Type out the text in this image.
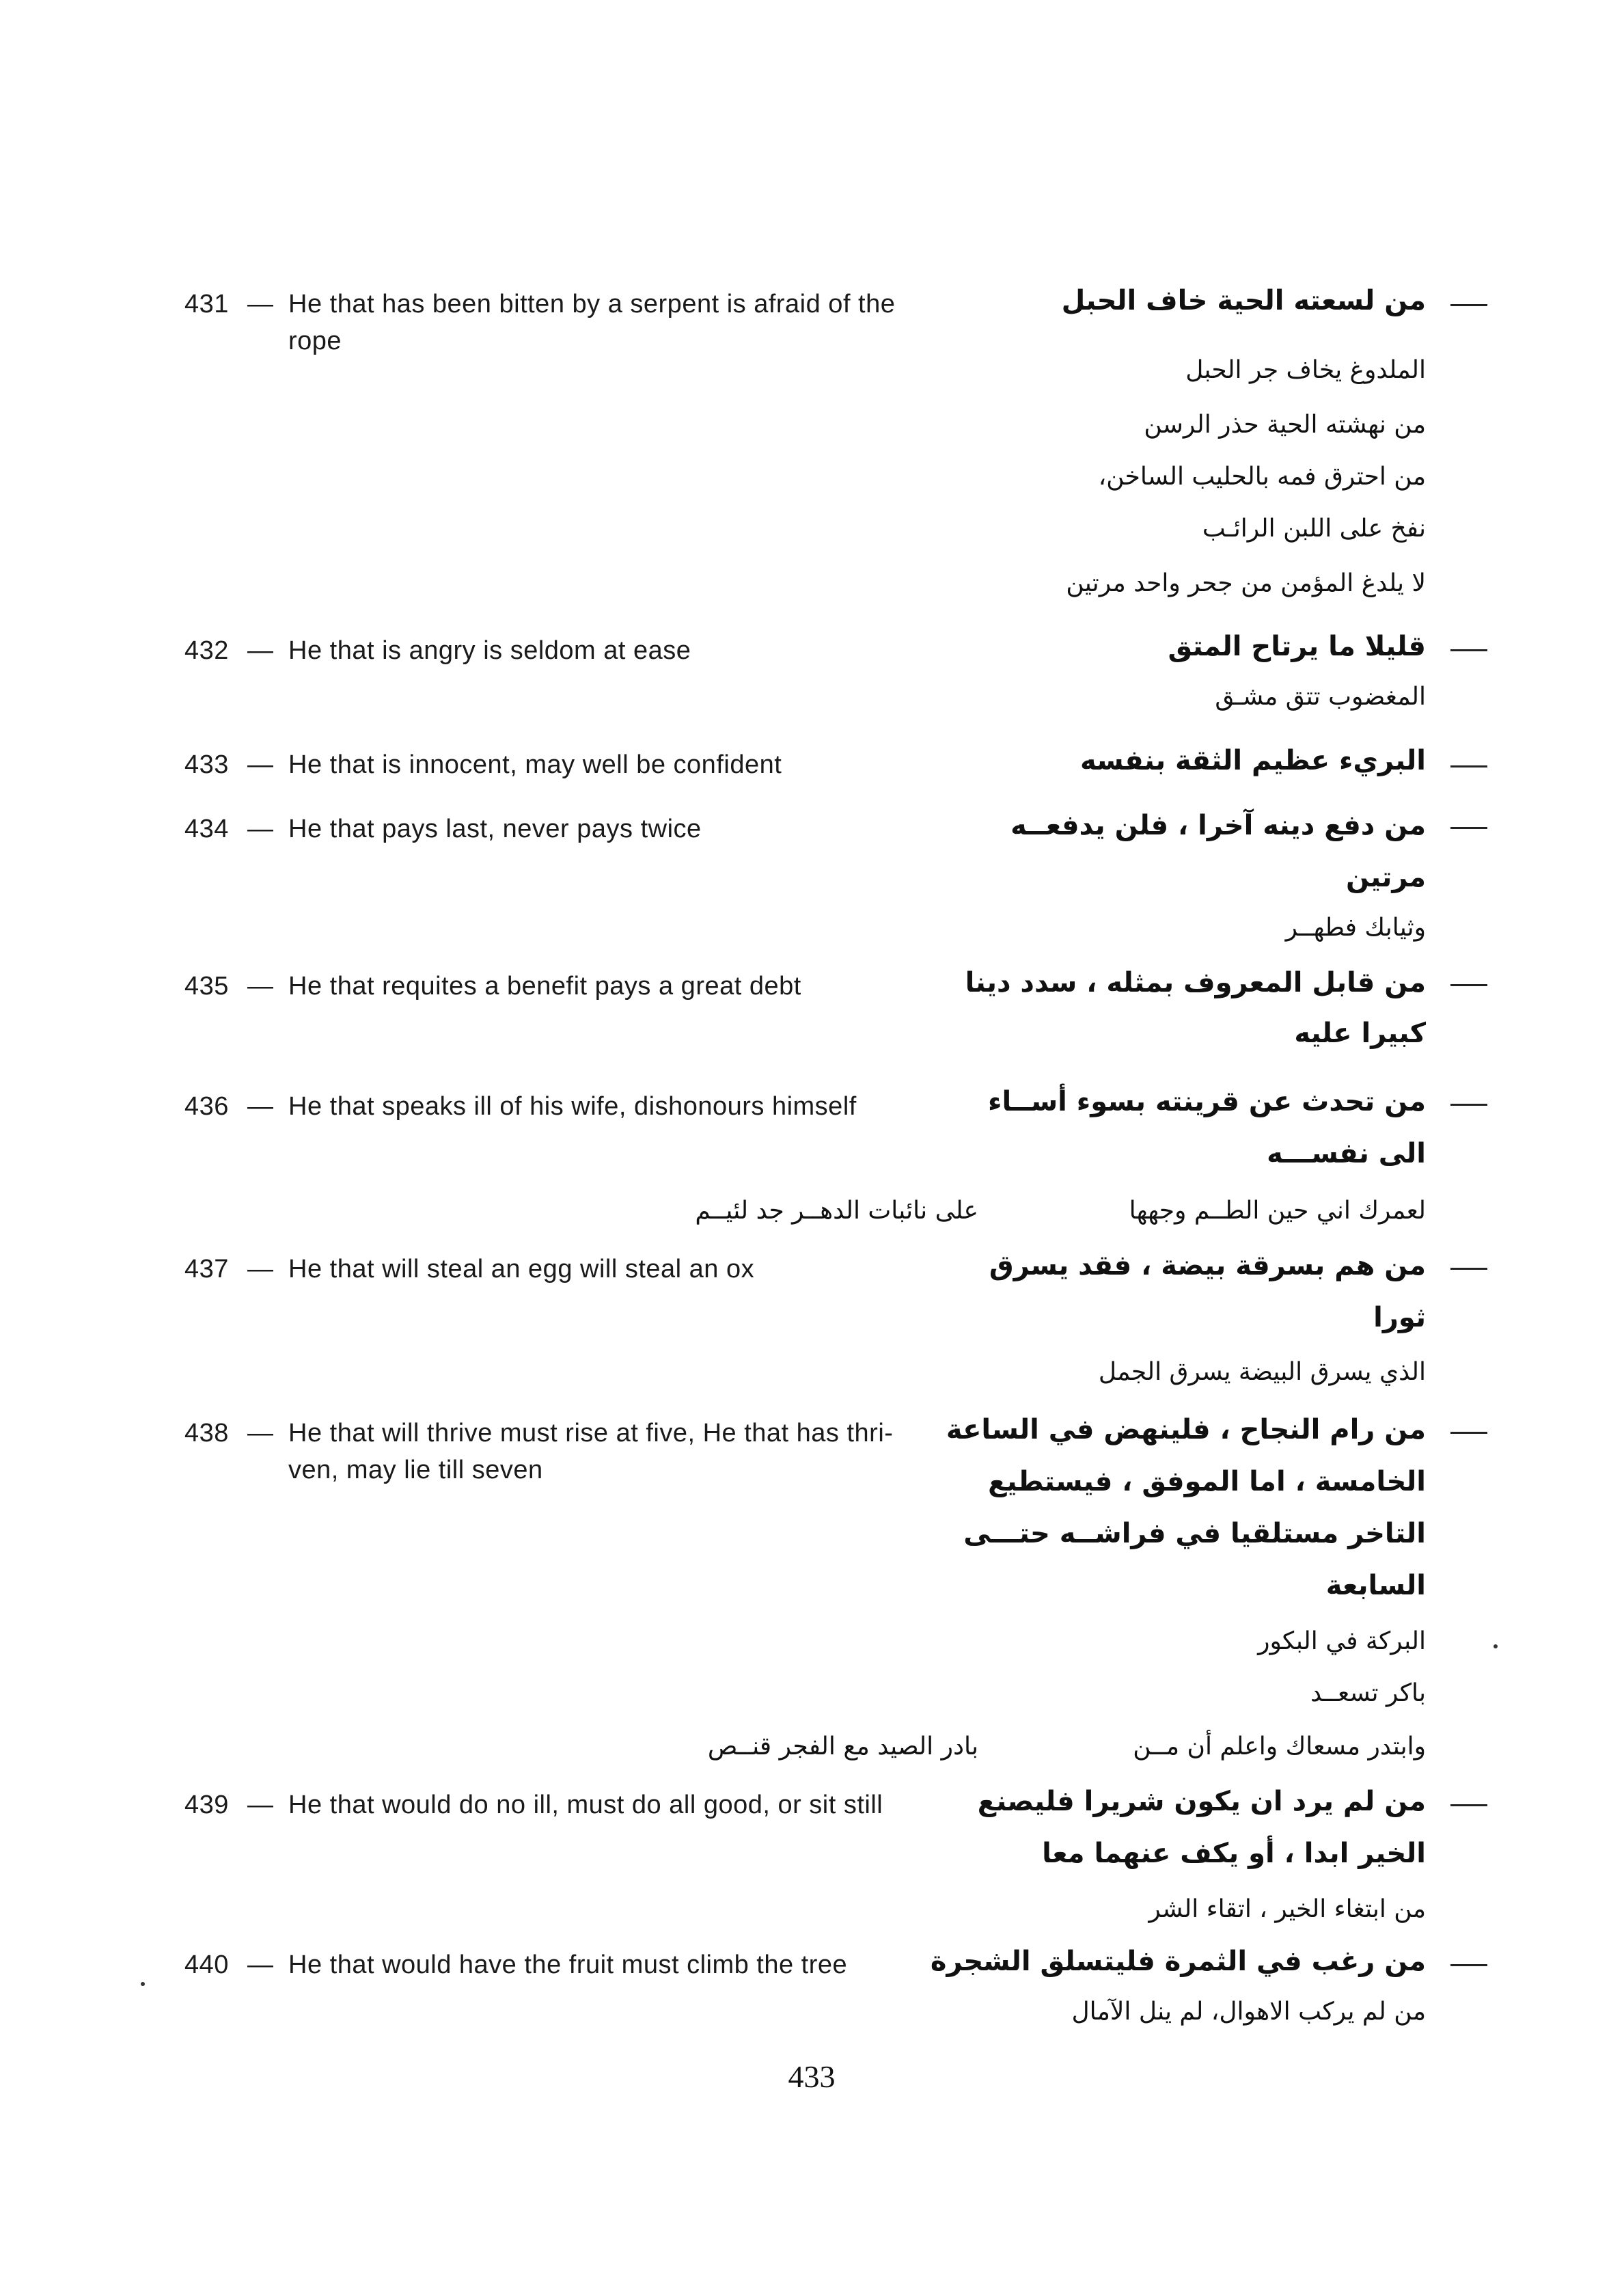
431 — He that has been bitten by a serpent is afraid of the
rope
من لسعته الحية خاف الحبل
الملدوغ يخاف جر الحبل
من نهشته الحية حذر الرسن
من احترق فمه بالحليب الساخن،
نفخ على اللبن الرائـب
لا يلدغ المؤمن من جحر واحد مرتين
432 — He that is angry is seldom at ease	قليلا ما يرتاح المتق
المغضوب تتق مشـق
433 — He that is innocent, may well be confident	البريء عظيم الثقة بنفسه
434 — He that pays last, never pays twice	من دفع دينه آخرا ، فلن يدفعــه
مرتين
وثيابك فطهــر
435 — He that requites a benefit pays a great debt	من قابل المعروف بمثله ، سدد دينا
كبيرا عليه
436 — He that speaks ill of his wife, dishonours himself	من تحدث عن قرينته بسوء أســاء
الى نفســـه
لعمرك اني حين الطــم وجهها
على نائبات الدهــر جد لئيــم
437 — He that will steal an egg will steal an ox	من هم بسرقة بيضة ، فقد يسرق
ثورا
الذي يسرق البيضة يسرق الجمل
438 — He that will thrive must rise at five, He that has thri-
ven, may lie till seven
من رام النجاح ، فلينهض في الساعة
الخامسة ، اما الموفق ، فيستطيع
التاخر مستلقيا في فراشــه حتـــى
السابعة
البركة في البكور
باكر تسعــد
وابتدر مسعاك واعلم أن مــن
بادر الصيد مع الفجر قنــص
439 — He that would do no ill, must do all good, or sit still	من لم يرد ان يكون شريرا فليصنع
الخير ابدا ، أو يكف عنهما معا
من ابتغاء الخير ، اتقاء الشر
440 — He that would have the fruit must climb the tree	من رغب في الثمرة فليتسلق الشجرة
من لم يركب الاهوال، لم ينل الآمال
433
